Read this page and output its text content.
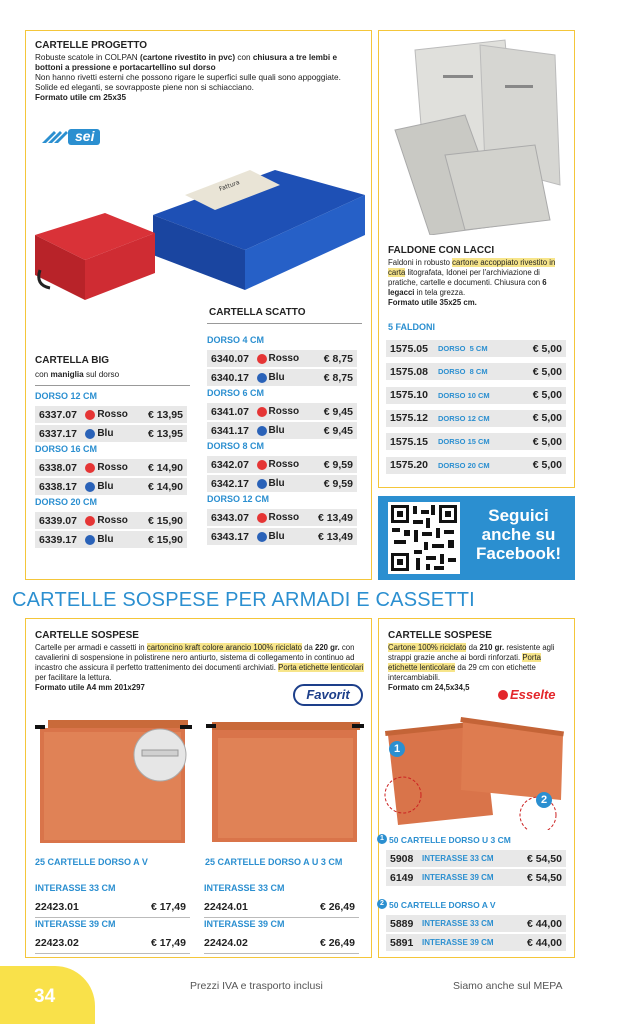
CARTELLE PROGETTO
Robuste scatole in COLPAN (cartone rivestito in pvc) con chiusura a tre lembi e bottoni a pressione e portacartellino sul dorso
Non hanno rivetti esterni che possono rigare le superfici sulle quali sono appoggiate. Solide ed eleganti, se sovrapposte piene non si schiacciano.
Formato utile cm 25x35
sei
Fattura
CARTELLA SCATTO
CARTELLA BIG
con maniglia sul dorso
DORSO 12 CM
6337.07 Rosso € 13,95
6337.17 Blu	€ 13,95
DORSO 16 CM
6338.07 Rosso € 14,90
6338.17 Blu	€ 14,90
DORSO 20 CM
6339.07 Rosso € 15,90
6339.17 Blu	€ 15,90
DORSO 4 CM
6340.07 Rosso € 8,75
6340.17 Blu	€ 8,75
DORSO 6 CM
6341.07 Rosso € 9,45
6341.17 Blu	€ 9,45
DORSO 8 CM
6342.07 Rosso € 9,59
6342.17 Blu	€ 9,59
DORSO 12 CM
6343.07 Rosso € 13,49
6343.17 Blu	€ 13,49
FALDONE CON LACCI
Faldoni in robusto cartone accoppiato rivestito in carta litografata, Idonei per l'archiviazione di pratiche, cartelle e documenti. Chiusura con 6 legacci in tela grezza.
Formato utile 35x25 cm.
5 FALDONI
1575.05 DORSO  5 CM	€ 5,00
1575.08 DORSO  8 CM	€ 5,00
1575.10 DORSO 10 CM	€ 5,00
1575.12 DORSO 12 CM	€ 5,00
1575.15 DORSO 15 CM	€ 5,00
1575.20 DORSO 20 CM	€ 5,00
Seguici
anche su
Facebook!
CARTELLE SOSPESE PER ARMADI E CASSETTI
CARTELLE SOSPESE
Cartelle per armadi e cassetti in cartoncino kraft colore arancio 100% riciclato da 220 gr. con cavalierini di sospensione in polistirene nero antiurto, sistema di collegamento in continuo ad incastro che assicura il perfetto trattenimento dei documenti archiviati. Porta etichette lenticolari per facilitare la lettura.
Formato utile A4 mm 201x297	Favorit
25 CARTELLE DORSO A V	25 CARTELLE DORSO A U 3 CM
INTERASSE 33 CM
22423.01	€ 17,49
INTERASSE 39 CM
22423.02	€ 17,49
INTERASSE 33 CM
22424.01	€ 26,49
INTERASSE 39 CM
22424.02	€ 26,49
CARTELLE SOSPESE
Cartone 100% riciclato da 210 gr. resistente agli strappi grazie anche ai bordi rinforzati. Porta etichette lenticolare da 29 cm con etichette intercambiabili.
Formato cm 24,5x34,5	Esselte
1
2
1 50 CARTELLE DORSO U 3 CM
2 50 CARTELLE DORSO A V
5908 INTERASSE 33 CM	€ 54,50
6149 INTERASSE 39 CM	€ 54,50
5889 INTERASSE 33 CM	€ 44,00
5891 INTERASSE 39 CM	€ 44,00
34	Prezzi IVA e trasporto inclusi	Siamo anche sul MEPA
